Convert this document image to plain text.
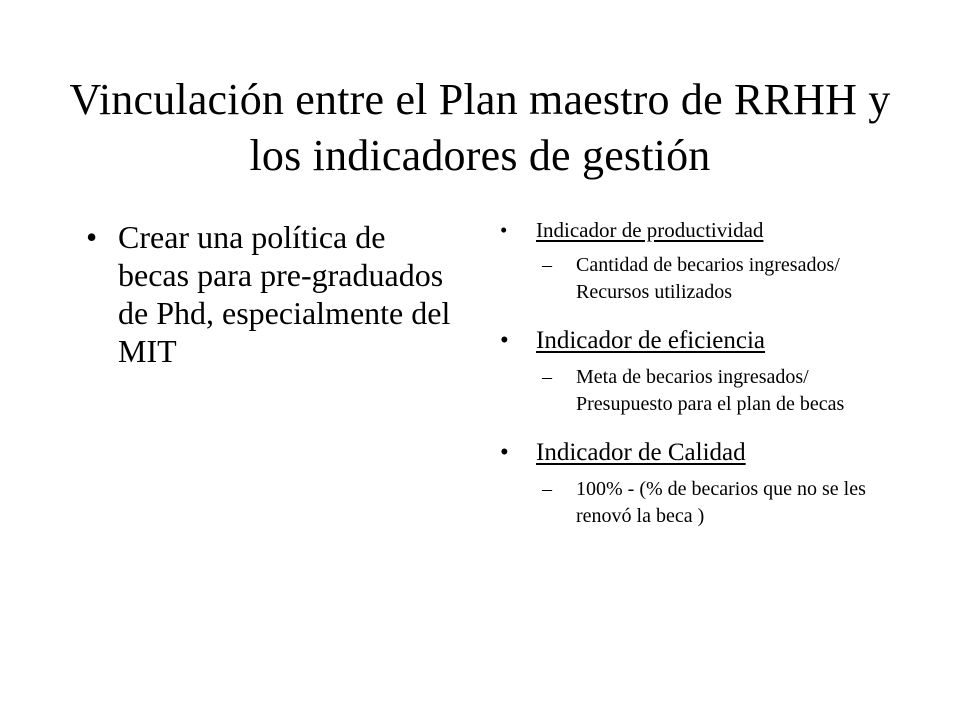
Vinculación entre el Plan maestro de RRHH y los indicadores de gestión
• Crear una política de becas para pre-graduados de Phd, especialmente del MIT
• Indicador de productividad
– Cantidad de becarios ingresados/ Recursos utilizados
• Indicador de eficiencia
– Meta de becarios ingresados/ Presupuesto para el plan de becas
• Indicador de Calidad
– 100% - (% de becarios que no se les renovó la beca )
